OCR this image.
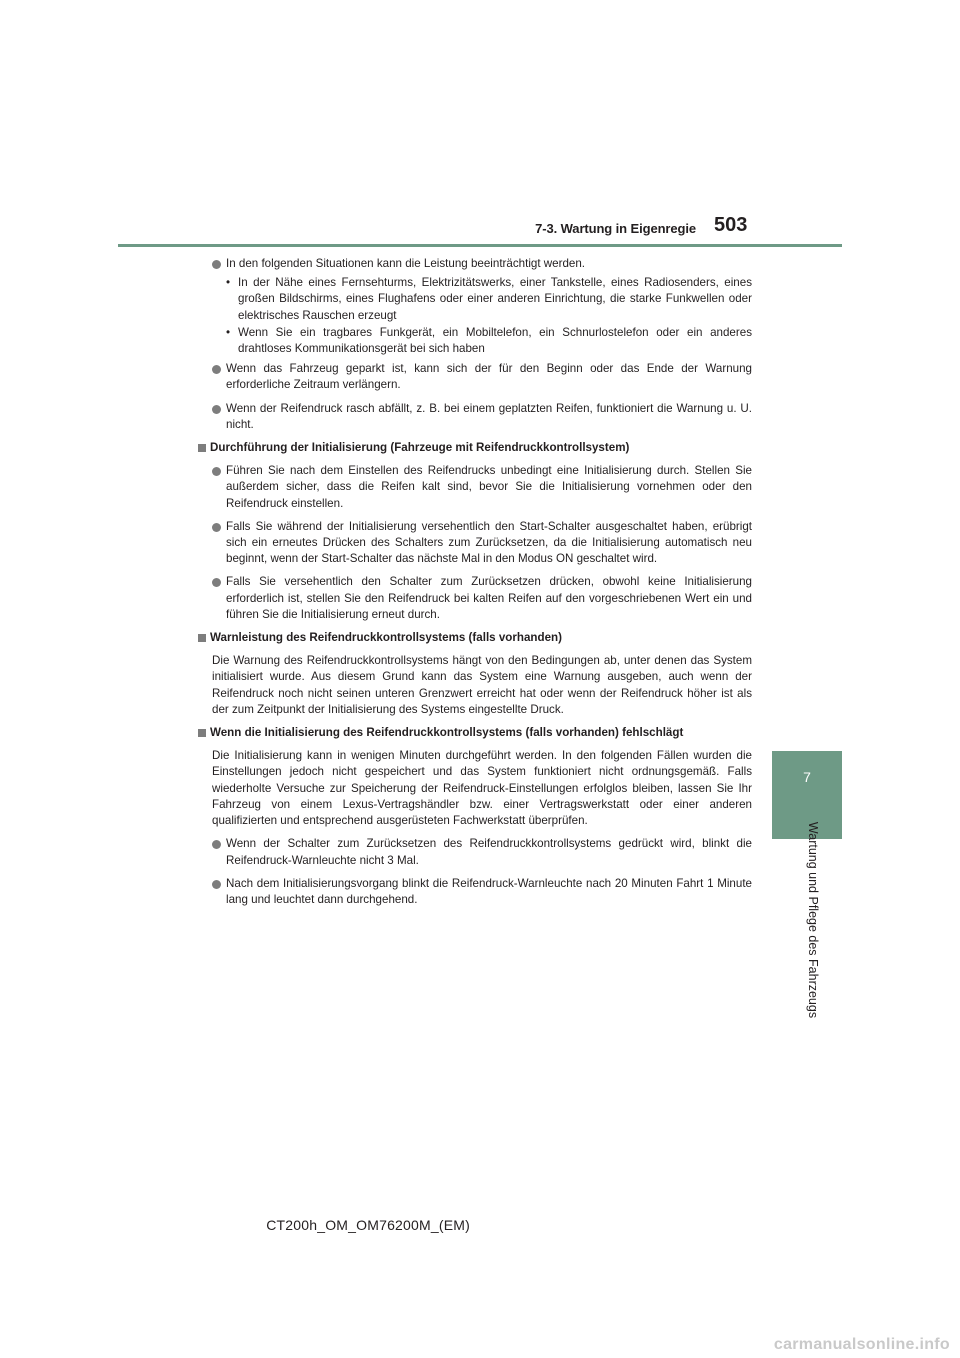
7-3. Wartung in Eigenregie 503
7
Wartung und Pflege des Fahrzeugs
In den folgenden Situationen kann die Leistung beeinträchtigt werden.
• In der Nähe eines Fernsehturms, Elektrizitätswerks, einer Tankstelle, eines Radiosenders, eines großen Bildschirms, eines Flughafens oder einer anderen Einrichtung, die starke Funkwellen oder elektrisches Rauschen erzeugt
• Wenn Sie ein tragbares Funkgerät, ein Mobiltelefon, ein Schnurlostelefon oder ein anderes drahtloses Kommunikationsgerät bei sich haben
Wenn das Fahrzeug geparkt ist, kann sich der für den Beginn oder das Ende der Warnung erforderliche Zeitraum verlängern.
Wenn der Reifendruck rasch abfällt, z. B. bei einem geplatzten Reifen, funktioniert die Warnung u. U. nicht.
Durchführung der Initialisierung (Fahrzeuge mit Reifendruckkontrollsystem)
Führen Sie nach dem Einstellen des Reifendrucks unbedingt eine Initialisierung durch. Stellen Sie außerdem sicher, dass die Reifen kalt sind, bevor Sie die Initialisierung vornehmen oder den Reifendruck einstellen.
Falls Sie während der Initialisierung versehentlich den Start-Schalter ausgeschaltet haben, erübrigt sich ein erneutes Drücken des Schalters zum Zurücksetzen, da die Initialisierung automatisch neu beginnt, wenn der Start-Schalter das nächste Mal in den Modus ON geschaltet wird.
Falls Sie versehentlich den Schalter zum Zurücksetzen drücken, obwohl keine Initialisierung erforderlich ist, stellen Sie den Reifendruck bei kalten Reifen auf den vorgeschriebenen Wert ein und führen Sie die Initialisierung erneut durch.
Warnleistung des Reifendruckkontrollsystems (falls vorhanden)
Die Warnung des Reifendruckkontrollsystems hängt von den Bedingungen ab, unter denen das System initialisiert wurde. Aus diesem Grund kann das System eine Warnung ausgeben, auch wenn der Reifendruck noch nicht seinen unteren Grenzwert erreicht hat oder wenn der Reifendruck höher ist als der zum Zeitpunkt der Initialisierung des Systems eingestellte Druck.
Wenn die Initialisierung des Reifendruckkontrollsystems (falls vorhanden) fehlschlägt
Die Initialisierung kann in wenigen Minuten durchgeführt werden. In den folgenden Fällen wurden die Einstellungen jedoch nicht gespeichert und das System funktioniert nicht ordnungsgemäß. Falls wiederholte Versuche zur Speicherung der Reifendruck-Einstellungen erfolglos bleiben, lassen Sie Ihr Fahrzeug von einem Lexus-Vertragshändler bzw. einer Vertragswerkstatt oder einer anderen qualifizierten und entsprechend ausgerüsteten Fachwerkstatt überprüfen.
Wenn der Schalter zum Zurücksetzen des Reifendruckkontrollsystems gedrückt wird, blinkt die Reifendruck-Warnleuchte nicht 3 Mal.
Nach dem Initialisierungsvorgang blinkt die Reifendruck-Warnleuchte nach 20 Minuten Fahrt 1 Minute lang und leuchtet dann durchgehend.
CT200h_OM_OM76200M_(EM)
carmanualsonline.info
